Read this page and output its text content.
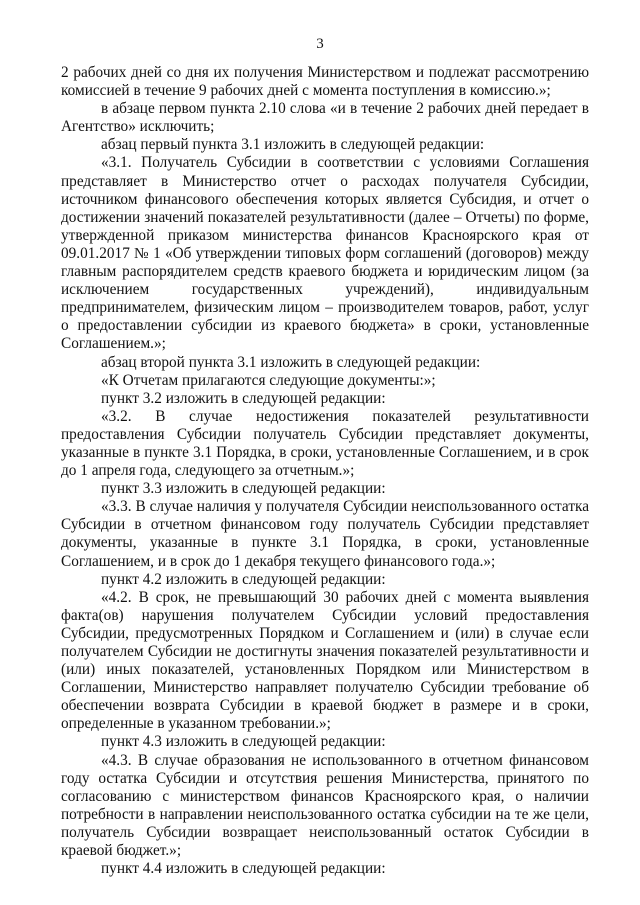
3

2 рабочих дней со дня их получения Министерством и подлежат рассмотрению комиссией в течение 9 рабочих дней с момента поступления в комиссию.»;

в абзаце первом пункта 2.10 слова «и в течение 2 рабочих дней передает в Агентство» исключить;

абзац первый пункта 3.1 изложить в следующей редакции:

«3.1. Получатель Субсидии в соответствии с условиями Соглашения представляет в Министерство отчет о расходах получателя Субсидии, источником финансового обеспечения которых является Субсидия, и отчет о достижении значений показателей результативности (далее – Отчеты) по форме, утвержденной приказом министерства финансов Красноярского края от 09.01.2017 № 1 «Об утверждении типовых форм соглашений (договоров) между главным распорядителем средств краевого бюджета и юридическим лицом (за исключением государственных учреждений), индивидуальным предпринимателем, физическим лицом – производителем товаров, работ, услуг о предоставлении субсидии из краевого бюджета» в сроки, установленные Соглашением.»;

абзац второй пункта 3.1 изложить в следующей редакции:

«К Отчетам прилагаются следующие документы:»;

пункт 3.2 изложить в следующей редакции:

«3.2. В случае недостижения показателей результативности предоставления Субсидии получатель Субсидии представляет документы, указанные в пункте 3.1 Порядка, в сроки, установленные Соглашением, и в срок до 1 апреля года, следующего за отчетным.»;

пункт 3.3 изложить в следующей редакции:

«3.3. В случае наличия у получателя Субсидии неиспользованного остатка Субсидии в отчетном финансовом году получатель Субсидии представляет документы, указанные в пункте 3.1 Порядка, в сроки, установленные Соглашением, и в срок до 1 декабря текущего финансового года.»;

пункт 4.2 изложить в следующей редакции:

«4.2. В срок, не превышающий 30 рабочих дней с момента выявления факта(ов) нарушения получателем Субсидии условий предоставления Субсидии, предусмотренных Порядком и Соглашением и (или) в случае если получателем Субсидии не достигнуты значения показателей результативности и (или) иных показателей, установленных Порядком или Министерством в Соглашении, Министерство направляет получателю Субсидии требование об обеспечении возврата Субсидии в краевой бюджет в размере и в сроки, определенные в указанном требовании.»;

пункт 4.3 изложить в следующей редакции:

«4.3. В случае образования не использованного в отчетном финансовом году остатка Субсидии и отсутствия решения Министерства, принятого по согласованию с министерством финансов Красноярского края, о наличии потребности в направлении неиспользованного остатка субсидии на те же цели, получатель Субсидии возвращает неиспользованный остаток Субсидии в краевой бюджет.»;

пункт 4.4 изложить в следующей редакции:
